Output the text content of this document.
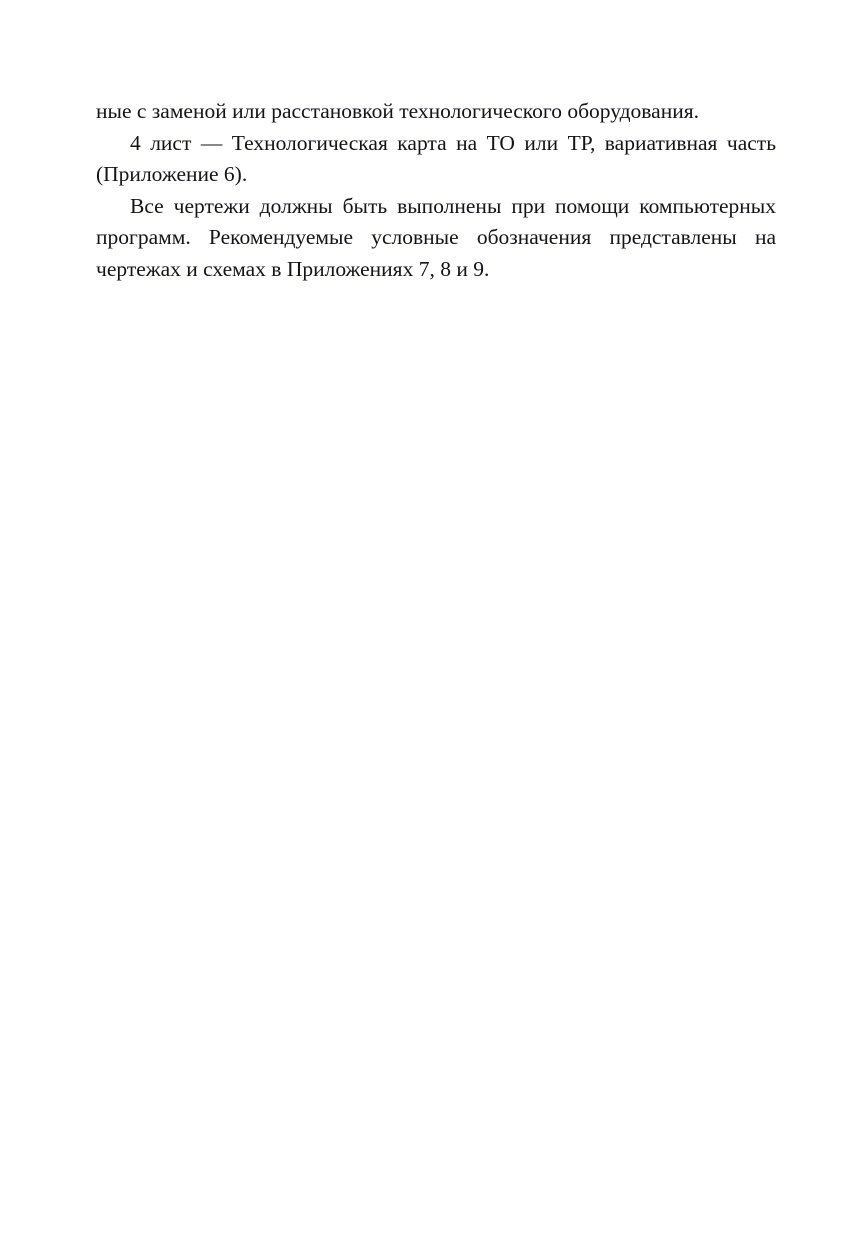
ные с заменой или расстановкой технологического оборудования.

4 лист — Технологическая карта на ТО или ТР, вариативная часть (Приложение 6).

Все чертежи должны быть выполнены при помощи компьютерных программ. Рекомендуемые условные обозначения представлены на чертежах и схемах в Приложениях 7, 8 и 9.
